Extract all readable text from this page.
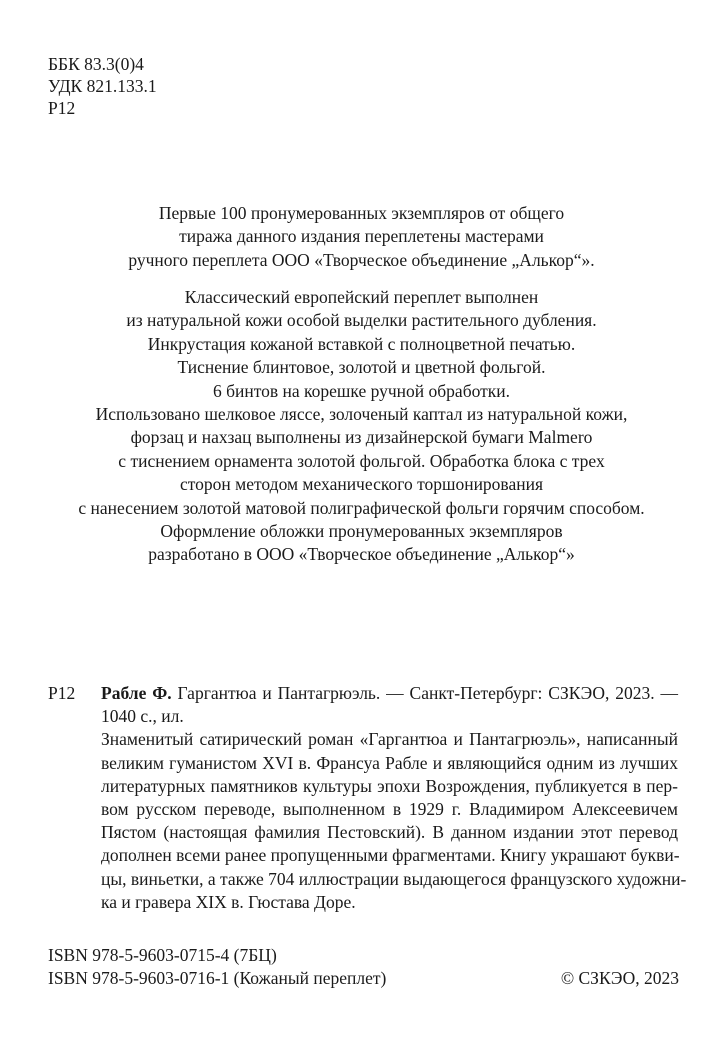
ББК 83.3(0)4
УДК 821.133.1
Р12
Первые 100 пронумерованных экземпляров от общего
тиража данного издания переплетены мастерами
ручного переплета ООО «Творческое объединение „Алькор“».
Классический европейский переплет выполнен
из натуральной кожи особой выделки растительного дубления.
Инкрустация кожаной вставкой с полноцветной печатью.
Тиснение блинтовое, золотой и цветной фольгой.
6 бинтов на корешке ручной обработки.
Использовано шелковое ляссе, золоченый каптал из натуральной кожи,
форзац и нахзац выполнены из дизайнерской бумаги Malmero
с тиснением орнамента золотой фольгой. Обработка блока с трех
сторон методом механического торшонирования
с нанесением золотой матовой полиграфической фольги горячим способом.
Оформление обложки пронумерованных экземпляров
разработано в ООО «Творческое объединение „Алькор“»
Р12 Рабле Ф. Гаргантюа и Пантагрюэль. — Санкт-Петербург: СЗКЭО, 2023. —
1040 с., ил.
Знаменитый сатирический роман «Гаргантюа и Пантагрюэль», написанный
великим гуманистом XVI в. Франсуа Рабле и являющийся одним из лучших
литературных памятников культуры эпохи Возрождения, публикуется в пер-
вом русском переводе, выполненном в 1929 г. Владимиром Алексеевичем
Пястом (настоящая фамилия Пестовский). В данном издании этот перевод
дополнен всеми ранее пропущенными фрагментами. Книгу украшают букви-
цы, виньетки, а также 704 иллюстрации выдающегося французского художни-
ка и гравера XIX в. Гюстава Доре.
ISBN 978-5-9603-0715-4 (7БЦ)
ISBN 978-5-9603-0716-1 (Кожаный переплет)	© СЗКЭО, 2023
